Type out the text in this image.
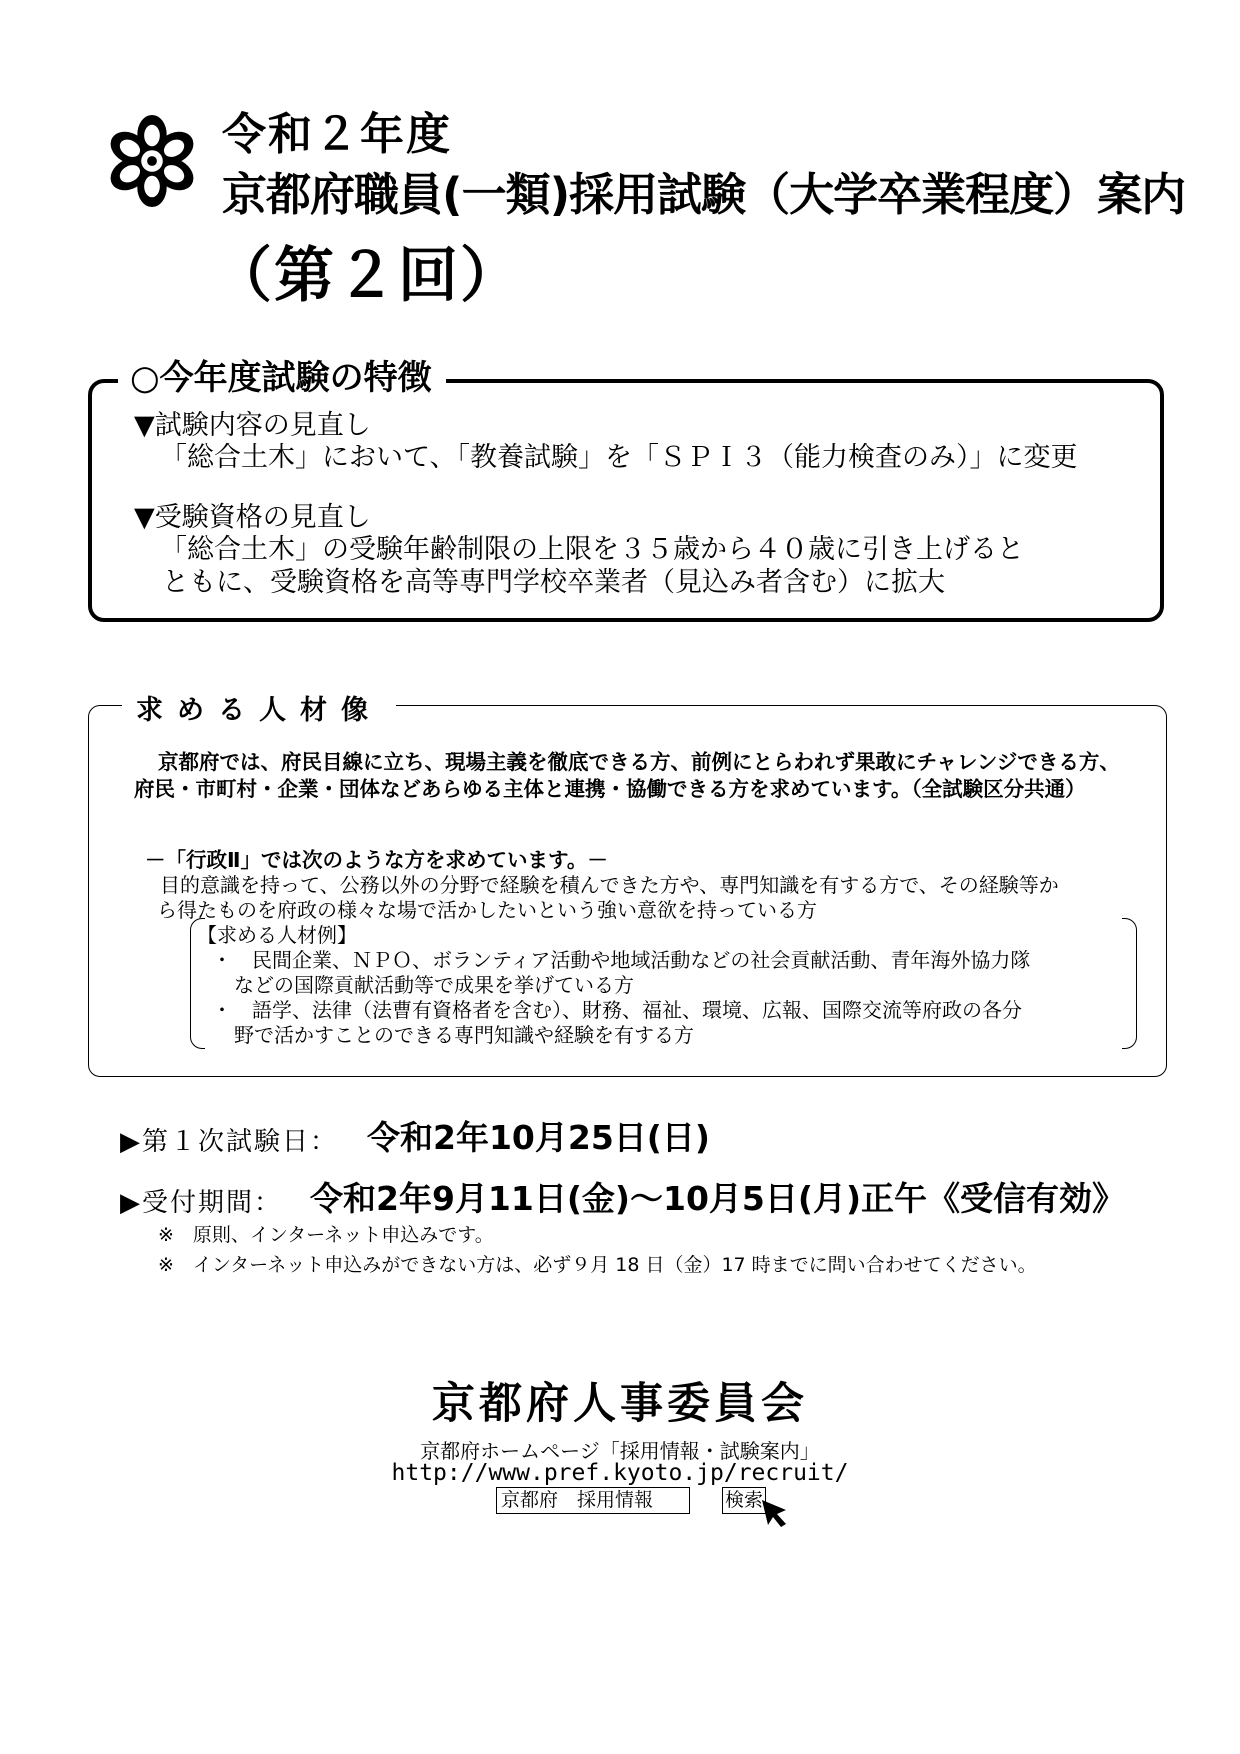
令和２年度
京都府職員(一類)採用試験（大学卒業程度）案内
（第２回）
○今年度試験の特徴
▼試験内容の見直し
「総合土木」において、「教養試験」を「ＳＰＩ３（能力検査のみ）」に変更
▼受験資格の見直し
「総合土木」の受験年齢制限の上限を３５歳から４０歳に引き上げると
ともに、受験資格を高等専門学校卒業者（見込み者含む）に拡大
求める人材像
京都府では、府民目線に立ち、現場主義を徹底できる方、前例にとらわれず果敢にチャレンジできる方、
府民・市町村・企業・団体などあらゆる主体と連携・協働できる方を求めています。（全試験区分共通）
－「行政Ⅱ」では次のような方を求めています。－
目的意識を持って、公務以外の分野で経験を積んできた方や、専門知識を有する方で、その経験等か
ら得たものを府政の様々な場で活かしたいという強い意欲を持っている方
【求める人材例】
・　民間企業、ＮＰＯ、ボランティア活動や地域活動などの社会貢献活動、青年海外協力隊
などの国際貢献活動等で成果を挙げている方
・　語学、法律（法曹有資格者を含む）、財務、福祉、環境、広報、国際交流等府政の各分
野で活かすことのできる専門知識や経験を有する方
▶第１次試験日： 令和2年10月25日(日)
▶受付期間： 令和2年9月11日(金)～10月5日(月)正午《受信有効》
※　原則、インターネット申込みです。
※　インターネット申込みができない方は、必ず９月 18 日（金）17 時までに問い合わせてください。
京都府人事委員会
京都府ホームページ「採用情報・試験案内」
http://www.pref.kyoto.jp/recruit/
京都府　採用情報	検索
